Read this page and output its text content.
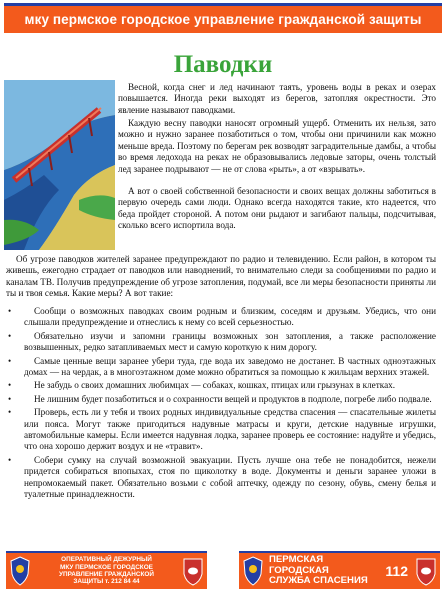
мку пермское городское управление гражданской защиты
Паводки
Весной, когда снег и лед начинают таять, уровень воды в реках и озерах повышается. Иногда реки выходят из берегов, затопляя окрестности. Это явление называют паводками.
Каждую весну паводки наносят огромный ущерб. Отменить их нельзя, зато можно и нужно заранее позаботиться о том, чтобы они причинили как можно меньше вреда. Поэтому по берегам рек возводят заградительные дамбы, а чтобы во время ледохода на реках не образовывались ледовые заторы, очень толстый лед заранее подрывают — не от слова «рыть», а от «взрывать».
А вот о своей собственной безопасности и своих вещах должны заботиться в первую очередь сами люди. Однако всегда находятся такие, кто надеется, что беда пройдет стороной. А потом они рыдают и загибают пальцы, подсчитывая, сколько всего испортила вода.
Об угрозе паводков жителей заранее предупреждают по радио и телевидению. Если район, в котором ты живешь, ежегодно страдает от паводков или наводнений, то внимательно следи за сообщениями по радио и каналам ТВ. Получив предупреждение об угрозе затопления, подумай, все ли меры безопасности приняты ли ты и твоя семья. Какие меры? А вот такие:
• Сообщи о возможных паводках своим родным и близким, соседям и друзьям. Убедись, что они слышали предупреждение и отнеслись к нему со всей серьезностью.
• Обязательно изучи и запомни границы возможных зон затопления, а также расположение возвышенных, редко затапливаемых мест и самую короткую к ним дорогу.
• Самые ценные вещи заранее убери туда, где вода их заведомо не достанет. В частных одноэтажных домах — на чердак, а в многоэтажном доме можно обратиться за помощью к жильцам верхних этажей.
• Не забудь о своих домашних любимцах — собаках, кошках, птицах или грызунах в клетках.
• Не лишним будет позаботиться и о сохранности вещей и продуктов в подполе, погребе либо подвале.
• Проверь, есть ли у тебя и твоих родных индивидуальные средства спасения — спасательные жилеты или пояса. Могут также пригодиться надувные матрасы и круги, детские надувные игрушки, автомобильные камеры. Если имеется надувная лодка, заранее проверь ее состояние: надуйте и убедись, что она хорошо держит воздух и не «травит».
• Собери сумку на случай возможной эвакуации. Пусть лучше она тебе не понадобится, нежели придется собираться впопыхах, стоя по щиколотку в воде. Документы и деньги заранее уложи в непромокаемый пакет. Обязательно возьми с собой аптечку, одежду по сезону, обувь, смену белья и туалетные принадлежности.
ОПЕРАТИВНЫЙ ДЕЖУРНЫЙ
МКУ ПЕРМСКОЕ ГОРОДСКОЕ
УПРАВЛЕНИЕ ГРАЖДАНСКОЙ
ЗАЩИТЫ т. 212 84 44
ПЕРМСКАЯ ГОРОДСКАЯ
СЛУЖБА СПАСЕНИЯ
112
